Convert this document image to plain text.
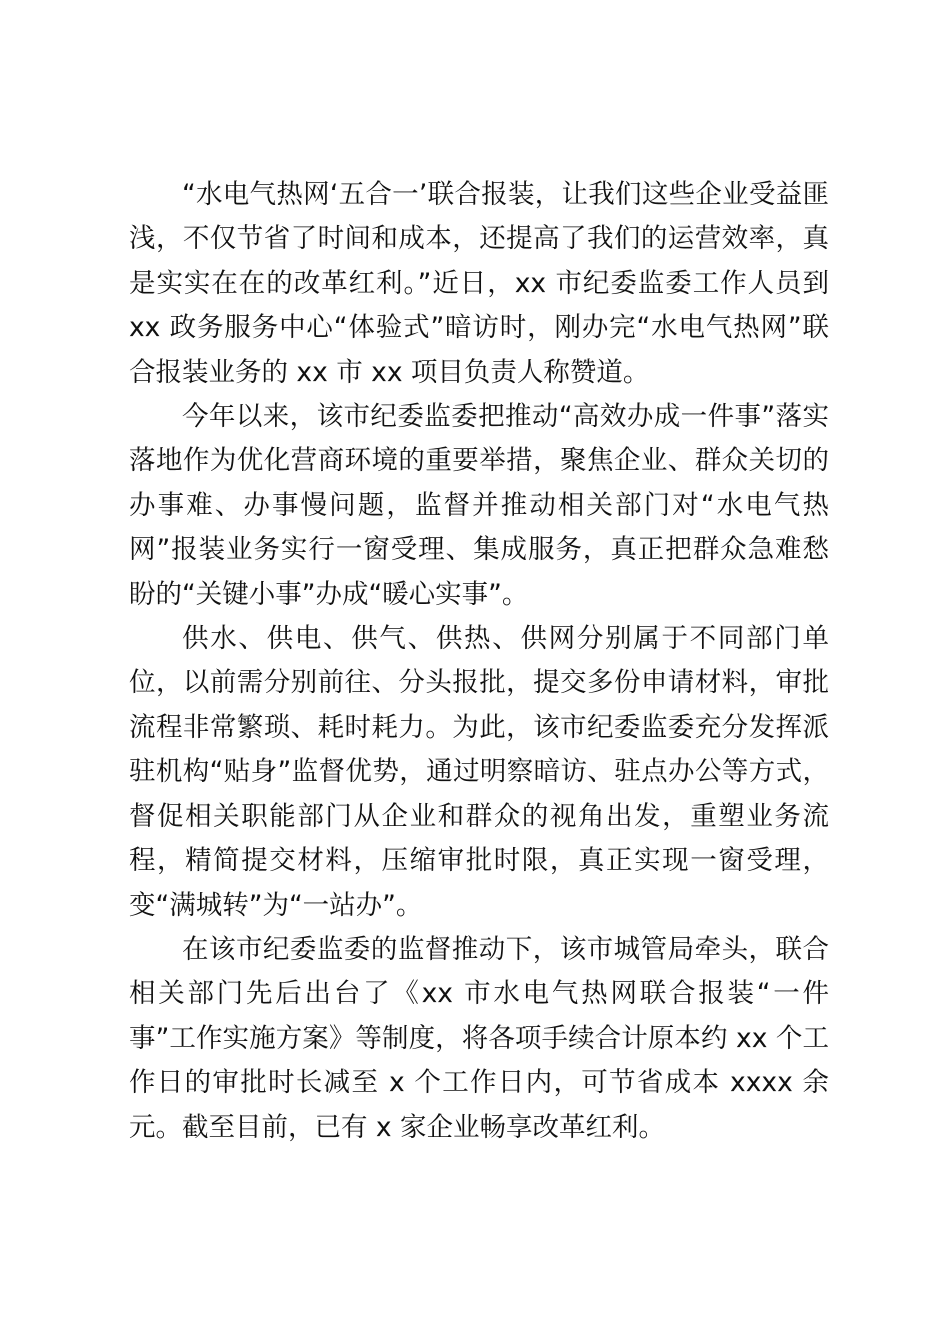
“水电气热网‘五合一’联合报装，让我们这些企业受益匪浅，不仅节省了时间和成本，还提高了我们的运营效率，真是实实在在的改革红利。”近日，xx 市纪委监委工作人员到 xx 政务服务中心“体验式”暗访时，刚办完“水电气热网”联合报装业务的 xx 市 xx 项目负责人称赞道。

今年以来，该市纪委监委把推动“高效办成一件事”落实落地作为优化营商环境的重要举措，聚焦企业、群众关切的办事难、办事慢问题，监督并推动相关部门对“水电气热网”报装业务实行一窗受理、集成服务，真正把群众急难愁盼的“关键小事”办成“暖心实事”。

供水、供电、供气、供热、供网分别属于不同部门单位，以前需分别前往、分头报批，提交多份申请材料，审批流程非常繁琐、耗时耗力。为此，该市纪委监委充分发挥派驻机构“贴身”监督优势，通过明察暗访、驻点办公等方式，督促相关职能部门从企业和群众的视角出发，重塑业务流程，精简提交材料，压缩审批时限，真正实现一窗受理，变“满城转”为“一站办”。

在该市纪委监委的监督推动下，该市城管局牵头，联合相关部门先后出台了《xx 市水电气热网联合报装“一件事”工作实施方案》等制度，将各项手续合计原本约 xx 个工作日的审批时长减至 x 个工作日内，可节省成本 xxxx 余元。截至目前，已有 x 家企业畅享改革红利。
